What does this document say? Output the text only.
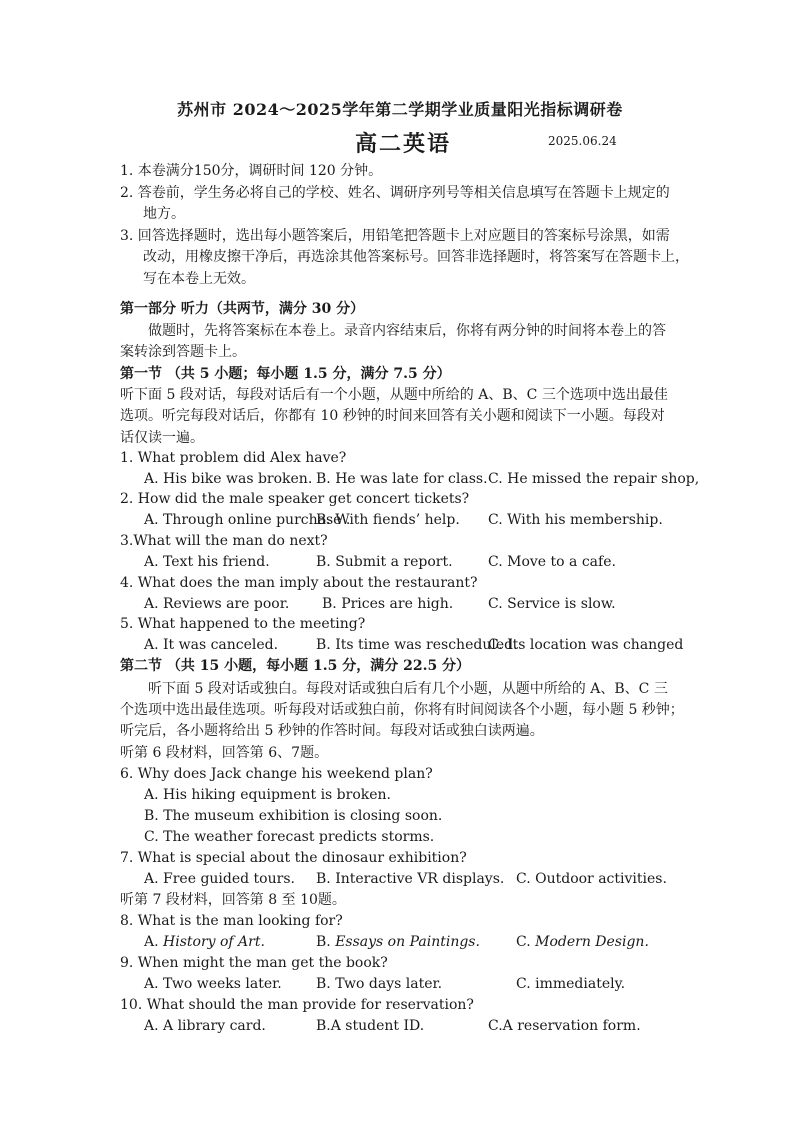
苏州市 2024～2025学年第二学期学业质量阳光指标调研卷
高二英语	2025.06.24
1. 本卷满分150分，调研时间 120 分钟。
2. 答卷前，学生务必将自己的学校、姓名、调研序列号等相关信息填写在答题卡上规定的
地方。
3. 回答选择题时，选出每小题答案后，用铅笔把答题卡上对应题目的答案标号涂黑，如需
改动，用橡皮擦干净后，再选涂其他答案标号。回答非选择题时，将答案写在答题卡上，
写在本卷上无效。
第一部分 听力（共两节，满分 30 分）
做题时，先将答案标在本卷上。录音内容结束后，你将有两分钟的时间将本卷上的答
案转涂到答题卡上。
第一节 （共 5 小题；每小题 1.5 分，满分 7.5 分）
听下面 5 段对话，每段对话后有一个小题，从题中所给的 A、B、C 三个选项中选出最佳
选项。听完每段对话后，你都有 10 秒钟的时间来回答有关小题和阅读下一小题。每段对
话仅读一遍。
1. What problem did Alex have?
A. His bike was broken. B. He was late for class. C. He missed the repair shop,
2. How did the male speaker get concert tickets?
A. Through online purchase .
B. With fiends’ help. C. With his membership.
3.What will the man do next?
A. Text his friend.	B. Submit a report.	C. Move to a cafe.
4. What does the man imply about the restaurant?
A. Reviews are poor. B. Prices are high. C. Service is slow.
5. What happened to the meeting?
A. It was canceled.	B. Its time was rescheduled.
C. Its location was changed
第二节 （共 15 小题，每小题 1.5 分，满分 22.5 分）
听下面 5 段对话或独白。每段对话或独白后有几个小题，从题中所给的 A、B、C 三
个选项中选出最佳选项。听每段对话或独白前，你将有时间阅读各个小题，每小题 5 秒钟；
听完后，各小题将给出 5 秒钟的作答时间。每段对话或独白读两遍。
听第 6 段材料，回答第 6、7题。
6. Why does Jack change his weekend plan?
A. His hiking equipment is broken.
B. The museum exhibition is closing soon.
C. The weather forecast predicts storms.
7. What is special about the dinosaur exhibition?
A. Free guided tours. B. Interactive VR displays. C. Outdoor activities.
听第 7 段材料，回答第 8 至 10题。
8. What is the man looking for?
A. History of Art.	B. Essays on Paintings.	C. Modern Design.
9. When might the man get the book?
A. Two weeks later. B. Two days later.	C. immediately.
10. What should the man provide for reservation?
A. A library card.	B.A student ID.	C.A reservation form.
